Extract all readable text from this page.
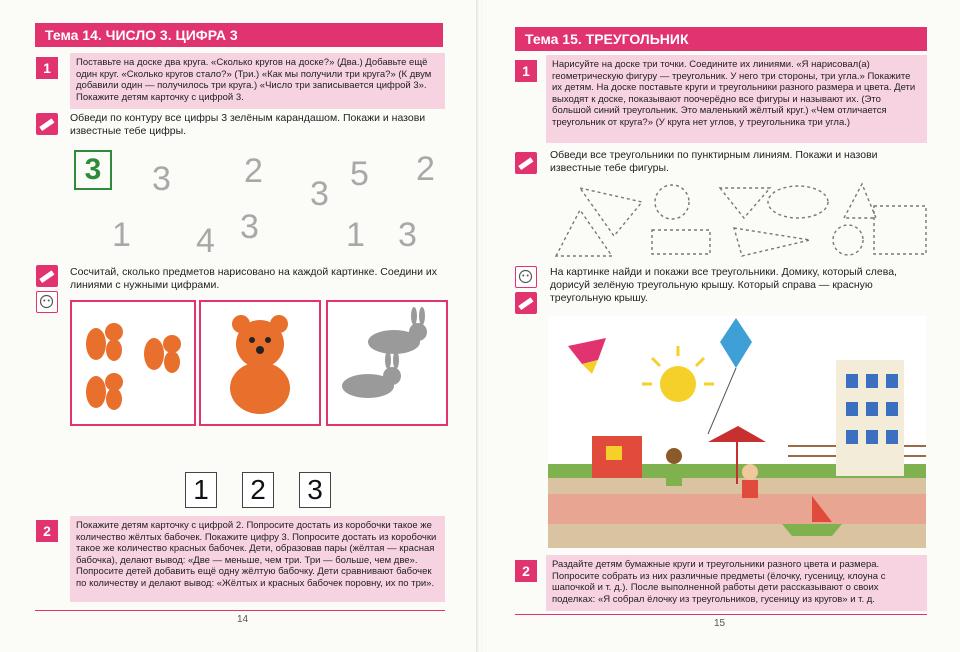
Тема 14. ЧИСЛО 3. ЦИФРА 3
1	Поставьте на доске два круга. «Сколько кругов на доске?» (Два.) Добавьте ещё один круг. «Сколько кругов стало?» (Три.) «Как мы получили три круга?» (К двум добавили один — получилось три круга.) «Число три записывается цифрой 3». Покажите детям карточку с цифрой 3.
Обведи по контуру все цифры 3 зелёным карандашом. Покажи и назови известные тебе цифры.
3	3 2
3
5 2
1 4 3	1 3
Сосчитай, сколько предметов нарисовано на каждой картинке. Соедини их линиями с нужными цифрами.
1 2 3
2	Покажите детям карточку с цифрой 2. Попросите достать из коробочки такое же количество жёлтых бабочек. Покажите цифру 3. Попросите достать из коробочки такое же количество красных бабочек. Дети, образовав пары (жёлтая — красная бабочка), делают вывод: «Две — меньше, чем три. Три — больше, чем две». Попросите детей добавить ещё одну жёлтую бабочку. Дети сравнивают бабочек по количеству и делают вывод: «Жёлтых и красных бабочек поровну, их по три».
14
Тема 15. ТРЕУГОЛЬНИК
1	Нарисуйте на доске три точки. Соедините их линиями. «Я нарисовал(а) геометрическую фигуру — треугольник. У него три стороны, три угла.» Покажите их детям. На доске поставьте круги и треугольники разного размера и цвета. Дети выходят к доске, показывают поочерёдно все фигуры и называют их. (Это большой синий треугольник. Это маленький жёлтый круг.) «Чем отличается треугольник от круга?» (У круга нет углов, у треугольника три угла.)
Обведи все треугольники по пунктирным линиям. Покажи и назови известные тебе фигуры.
На картинке найди и покажи все треугольники. Домику, который слева, дорисуй зелёную треугольную крышу. Который справа — красную треугольную крышу.
2	Раздайте детям бумажные круги и треугольники разного цвета и размера. Попросите собрать из них различные предметы (ёлочку, гусеницу, клоуна с шапочкой и т. д.). После выполненной работы дети рассказывают о своих поделках: «Я собрал ёлочку из треугольников, гусеницу из кругов» и т. д.
15
